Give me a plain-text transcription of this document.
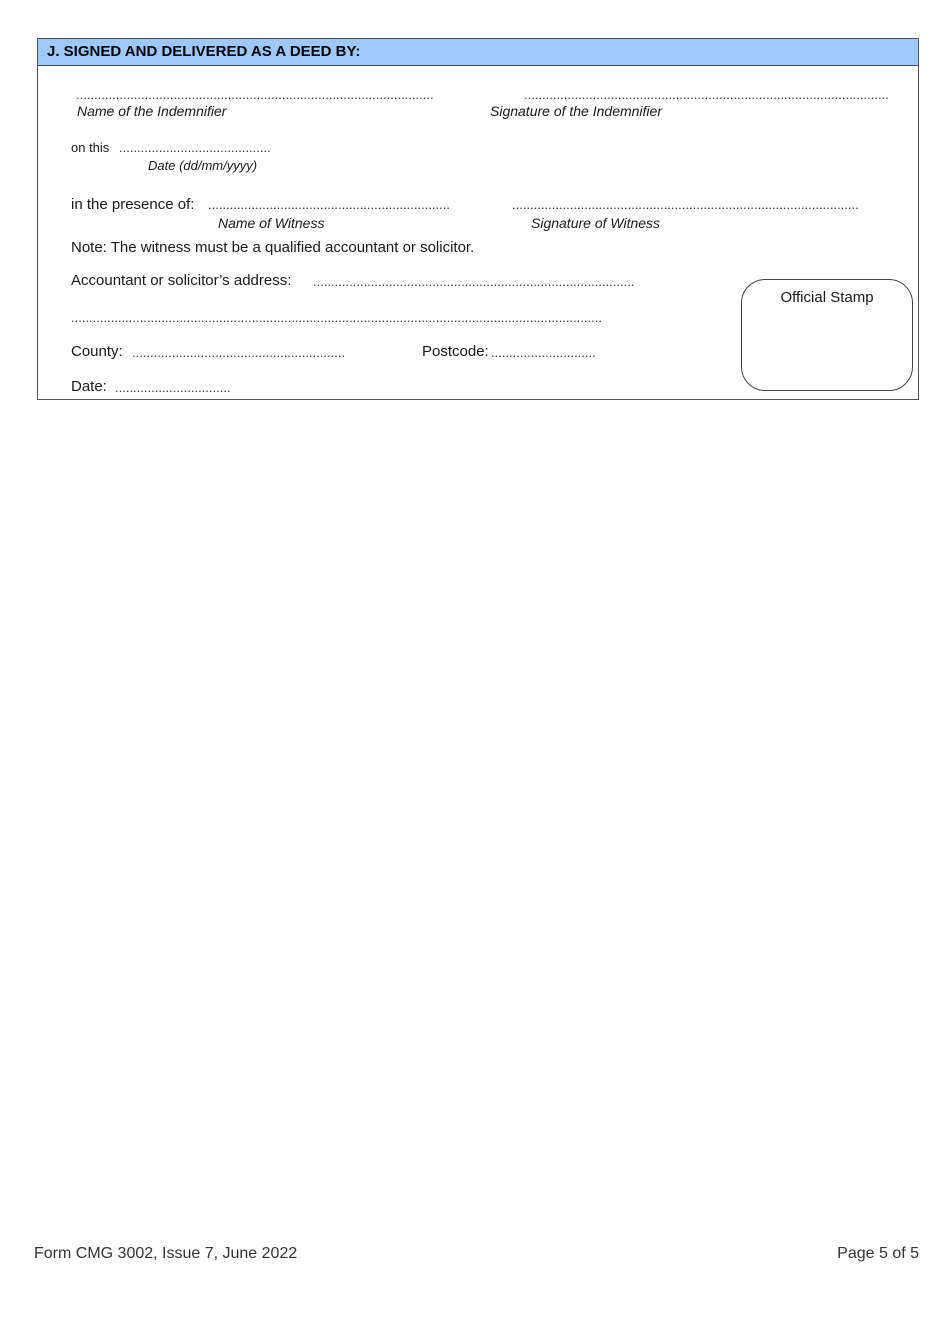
J. SIGNED AND DELIVERED AS A DEED BY:
...................................................................................................	.....................................................................................................
Name of the Indemnifier	Signature of the Indemnifier
on this ..........................................
Date (dd/mm/yyyy)
in the presence of: ...................................................................	................................................................................................
Name of Witness	Signature of Witness
Note: The witness must be a qualified accountant or solicitor.
Accountant or solicitor’s address: .........................................................................................
...................................................................................................................................................
County: ...........................................................	Postcode: .............................
Date: ................................
Official Stamp
Form CMG 3002, Issue 7, June 2022	Page 5 of 5
